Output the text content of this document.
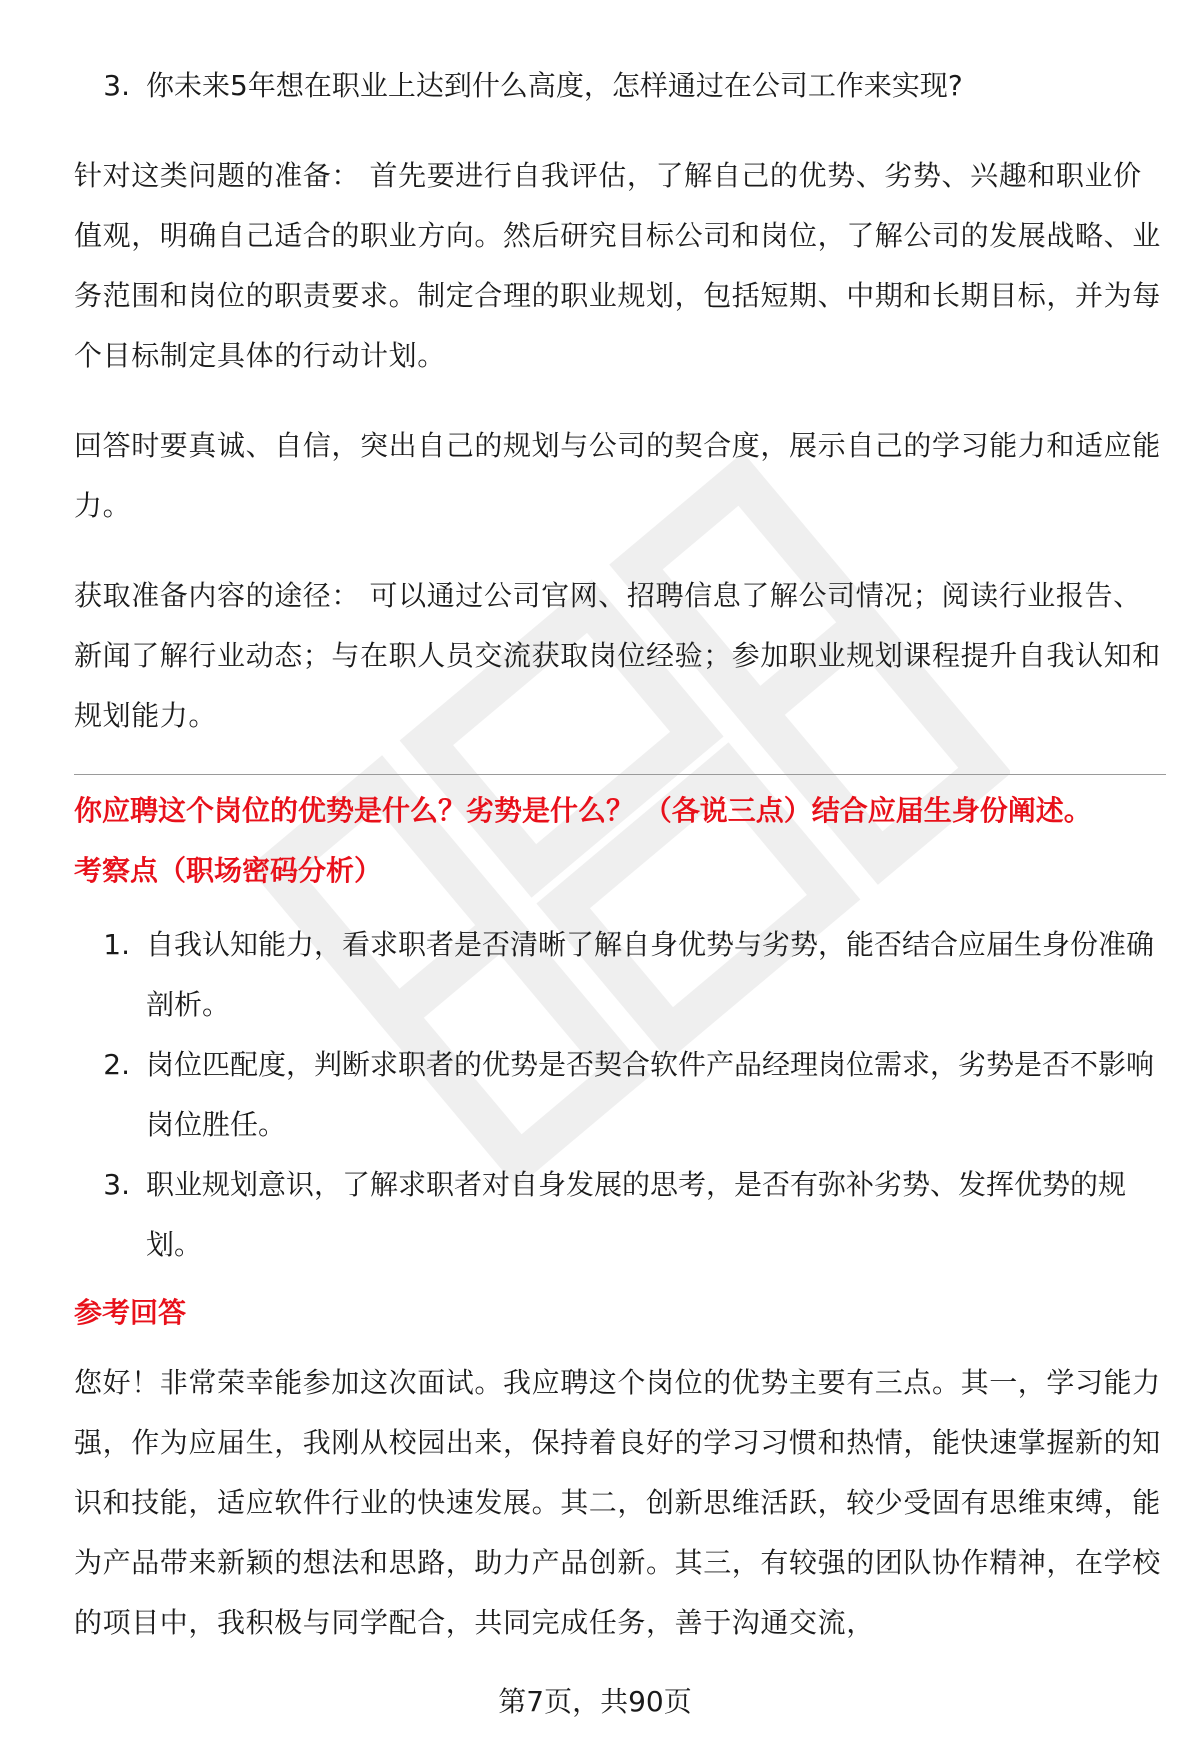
3. 你未来5年想在职业上达到什么高度，怎样通过在公司工作来实现?

针对这类问题的准备： 首先要进行自我评估，了解自己的优势、劣势、兴趣和职业价值观，明确自己适合的职业方向。然后研究目标公司和岗位，了解公司的发展战略、业务范围和岗位的职责要求。制定合理的职业规划，包括短期、中期和长期目标，并为每个目标制定具体的行动计划。

回答时要真诚、自信，突出自己的规划与公司的契合度，展示自己的学习能力和适应能力。

获取准备内容的途径： 可以通过公司官网、招聘信息了解公司情况；阅读行业报告、新闻了解行业动态；与在职人员交流获取岗位经验；参加职业规划课程提升自我认知和规划能力。

你应聘这个岗位的优势是什么？劣势是什么？ （各说三点）结合应届生身份阐述。

考察点（职场密码分析）

1. 自我认知能力，看求职者是否清晰了解自身优势与劣势，能否结合应届生身份准确剖析。
2. 岗位匹配度，判断求职者的优势是否契合软件产品经理岗位需求，劣势是否不影响岗位胜任。
3. 职业规划意识，了解求职者对自身发展的思考，是否有弥补劣势、发挥优势的规划。

参考回答

您好！非常荣幸能参加这次面试。我应聘这个岗位的优势主要有三点。其一，学习能力强，作为应届生，我刚从校园出来，保持着良好的学习习惯和热情，能快速掌握新的知识和技能，适应软件行业的快速发展。其二，创新思维活跃，较少受固有思维束缚，能为产品带来新颖的想法和思路，助力产品创新。其三，有较强的团队协作精神，在学校的项目中，我积极与同学配合，共同完成任务，善于沟通交流，

第7页，共90页
